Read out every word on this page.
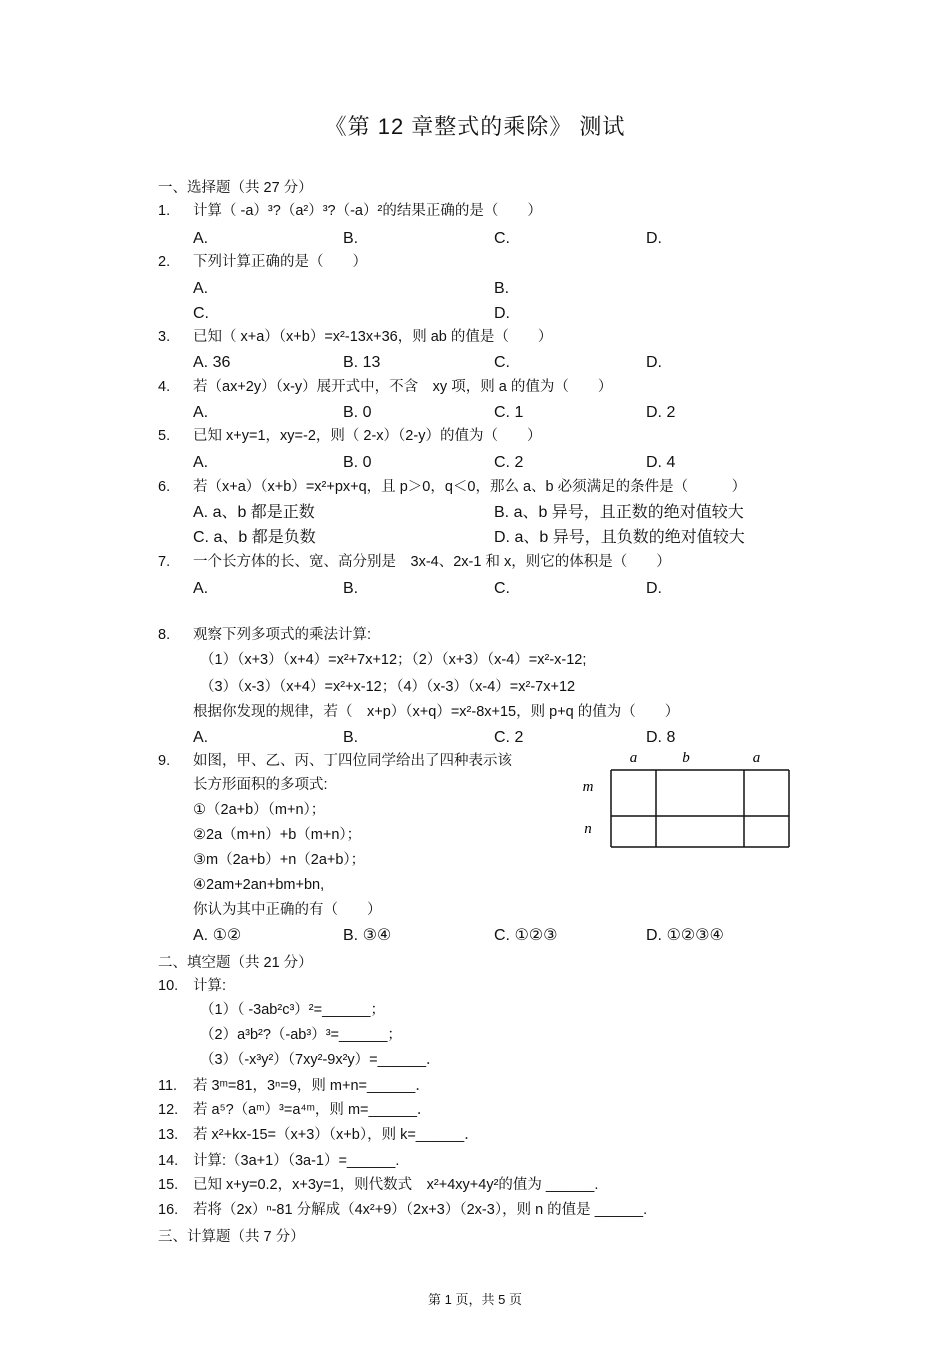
《第 12 章整式的乘除》 测试
一、选择题（共 27 分）
二、填空题（共 21 分）
三、计算题（共 7 分）
1. 计算（ -a）³?（a²）³?（-a）²的结果正确的是（　　）
A.	B.	C.	D.
2. 下列计算正确的是（　　）
A.	B.
C.	D.
3. 已知（ x+a）（x+b）=x²-13x+36，则 ab 的值是（　　）
A. 36	B. 13	C.	D.
4. 若（ax+2y）（x-y）展开式中，不含　xy 项，则 a 的值为（　　）
A.	B. 0	C. 1	D. 2
5. 已知 x+y=1，xy=-2，则（ 2-x）（2-y）的值为（　　）
A.	B. 0	C. 2	D. 4
6. 若（x+a）（x+b）=x²+px+q，且 p＞0，q＜0，那么 a、b 必须满足的条件是（　　　）
A. a、b 都是正数	B. a、b 异号，且正数的绝对值较大
C. a、b 都是负数	D. a、b 异号，且负数的绝对值较大
7. 一个长方体的长、宽、高分别是　3x-4、2x-1 和 x，则它的体积是（　　）
A.	B.	C.	D.
8. 观察下列多项式的乘法计算:
（1）（x+3）（x+4）=x²+7x+12；（2）（x+3）（x-4）=x²-x-12;
（3）（x-3）（x+4）=x²+x-12；（4）（x-3）（x-4）=x²-7x+12
根据你发现的规律，若（　x+p）（x+q）=x²-8x+15，则 p+q 的值为（　　）
A.	B.	C. 2	D. 8
9. 如图，甲、乙、丙、丁四位同学给出了四种表示该
长方形面积的多项式:
①（2a+b）（m+n）；
②2a（m+n）+b（m+n）；
③m（2a+b）+n（2a+b）；
④2am+2an+bm+bn,
你认为其中正确的有（　　）
A. ①②	B. ③④	C. ①②③	D. ①②③④
a	b	a
m
n
10. 计算:
（1）（ -3ab²c³）²=______；
（2）a³b²?（-ab³）³=______；
（3）（-x³y²）（7xy²-9x²y）=______．
11. 若 3ᵐ=81，3ⁿ=9，则 m+n=______．
12. 若 a⁵?（aᵐ）³=a⁴ᵐ，则 m=______．
13. 若 x²+kx-15=（x+3）（x+b），则 k=______．
14. 计算:（3a+1）（3a-1）=______.
15. 已知 x+y=0.2，x+3y=1，则代数式　x²+4xy+4y²的值为 ______.
16. 若将（2x）ⁿ-81 分解成（4x²+9）（2x+3）（2x-3），则 n 的值是 ______.
第 1 页，共 5 页
